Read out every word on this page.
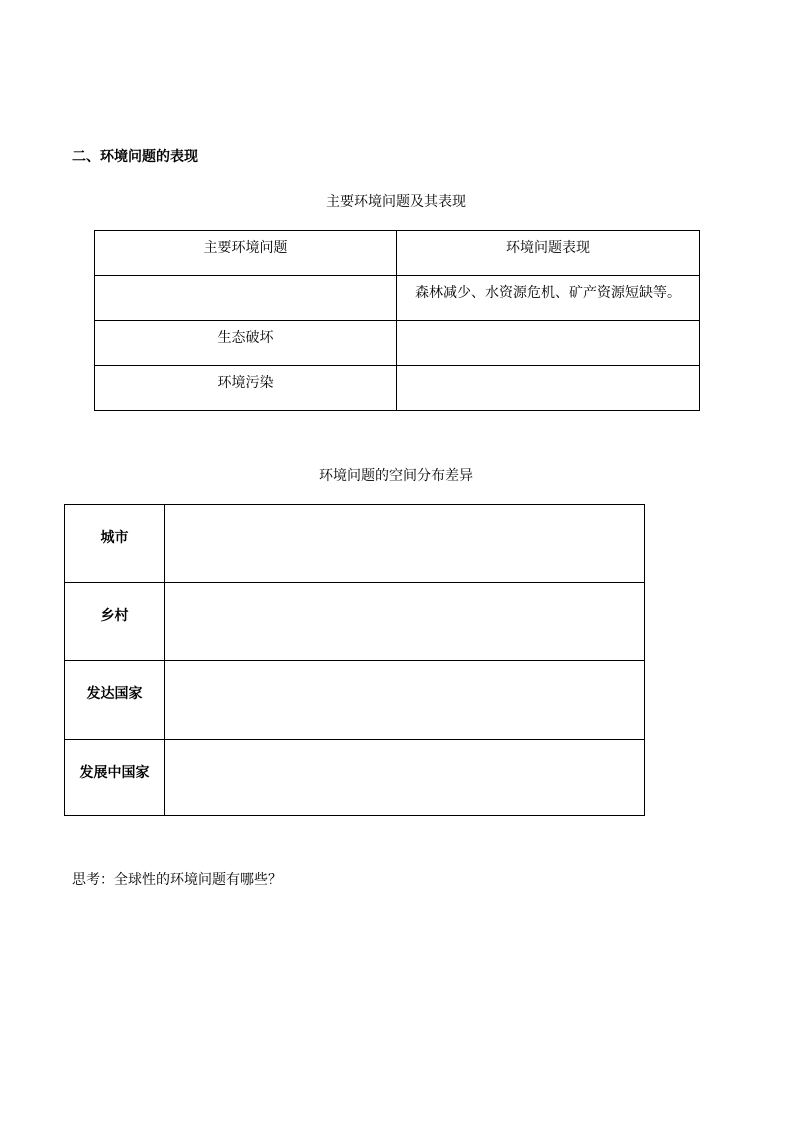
二、环境问题的表现
主要环境问题及其表现
主要环境问题	环境问题表现

	森林减少、水资源危机、矿产资源短缺等。

生态破坏	

环境污染	

环境问题的空间分布差异
城市	

乡村	

发达国家	

发展中国家	

思考：全球性的环境问题有哪些？
